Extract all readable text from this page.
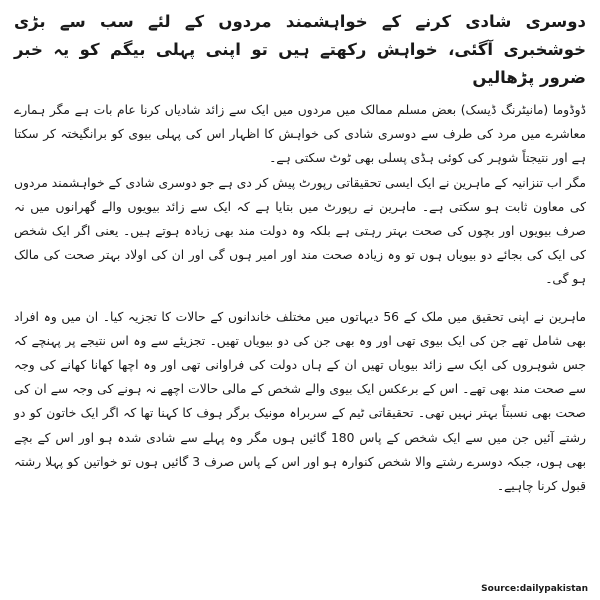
دوسری شادی کرنے کے خواہشمند مردوں کے لئے سب سے بڑی خوشخبری آگئی، خواہش رکھتے ہیں تو اپنی پہلی بیگم کو یہ خبر ضرور پڑھالیں

ڈوڈوما (مانیٹرنگ ڈیسک) بعض مسلم ممالک میں مردوں میں ایک سے زائد شادیاں کرنا عام بات ہے مگر ہمارے معاشرے میں مرد کی طرف سے دوسری شادی کی خواہش کا اظہار اس کی پہلی بیوی کو برانگیختہ کر سکتا ہے اور نتیجتاً شوہر کی کوئی ہڈی پسلی بھی ٹوٹ سکتی ہے۔

مگر اب تنزانیہ کے ماہرین نے ایک ایسی تحقیقاتی رپورٹ پیش کر دی ہے جو دوسری شادی کے خواہشمند مردوں کی معاون ثابت ہو سکتی ہے۔ ماہرین نے رپورٹ میں بتایا ہے کہ ایک سے زائد بیویوں والے گھرانوں میں نہ صرف بیویوں اور بچوں کی صحت بہتر رہتی ہے بلکہ وہ دولت مند بھی زیادہ ہوتے ہیں۔ یعنی اگر ایک شخص کی ایک کی بجائے دو بیویاں ہوں تو وہ زیادہ صحت مند اور امیر ہوں گی اور ان کی اولاد بہتر صحت کی مالک ہو گی۔

ماہرین نے اپنی تحقیق میں ملک کے 56 دیہاتوں میں مختلف خاندانوں کے حالات کا تجزیہ کیا۔ ان میں وہ افراد بھی شامل تھے جن کی ایک بیوی تھی اور وہ بھی جن کی دو بیویاں تھیں۔ تجزیئے سے وہ اس نتیجے پر پہنچے کہ جس شوہروں کی ایک سے زائد بیویاں تھیں ان کے ہاں دولت کی فراوانی تھی اور وہ اچھا کھانا کھانے کی وجہ سے صحت مند بھی تھے۔ اس کے برعکس ایک بیوی والے شخص کے مالی حالات اچھے نہ ہونے کی وجہ سے ان کی صحت بھی نسبتاً بہتر نہیں تھی۔ تحقیقاتی ٹیم کے سربراہ مونیک برگر ہوف کا کہنا تھا کہ اگر ایک خاتون کو دو رشتے آئیں جن میں سے ایک شخص کے پاس 180 گائیں ہوں مگر وہ پہلے سے شادی شدہ ہو اور اس کے بچے بھی ہوں، جبکہ دوسرے رشتے والا شخص کنوارہ ہو اور اس کے پاس صرف 3 گائیں ہوں تو خواتین کو پہلا رشتہ قبول کرنا چاہیے۔

Source:dailypakistan
